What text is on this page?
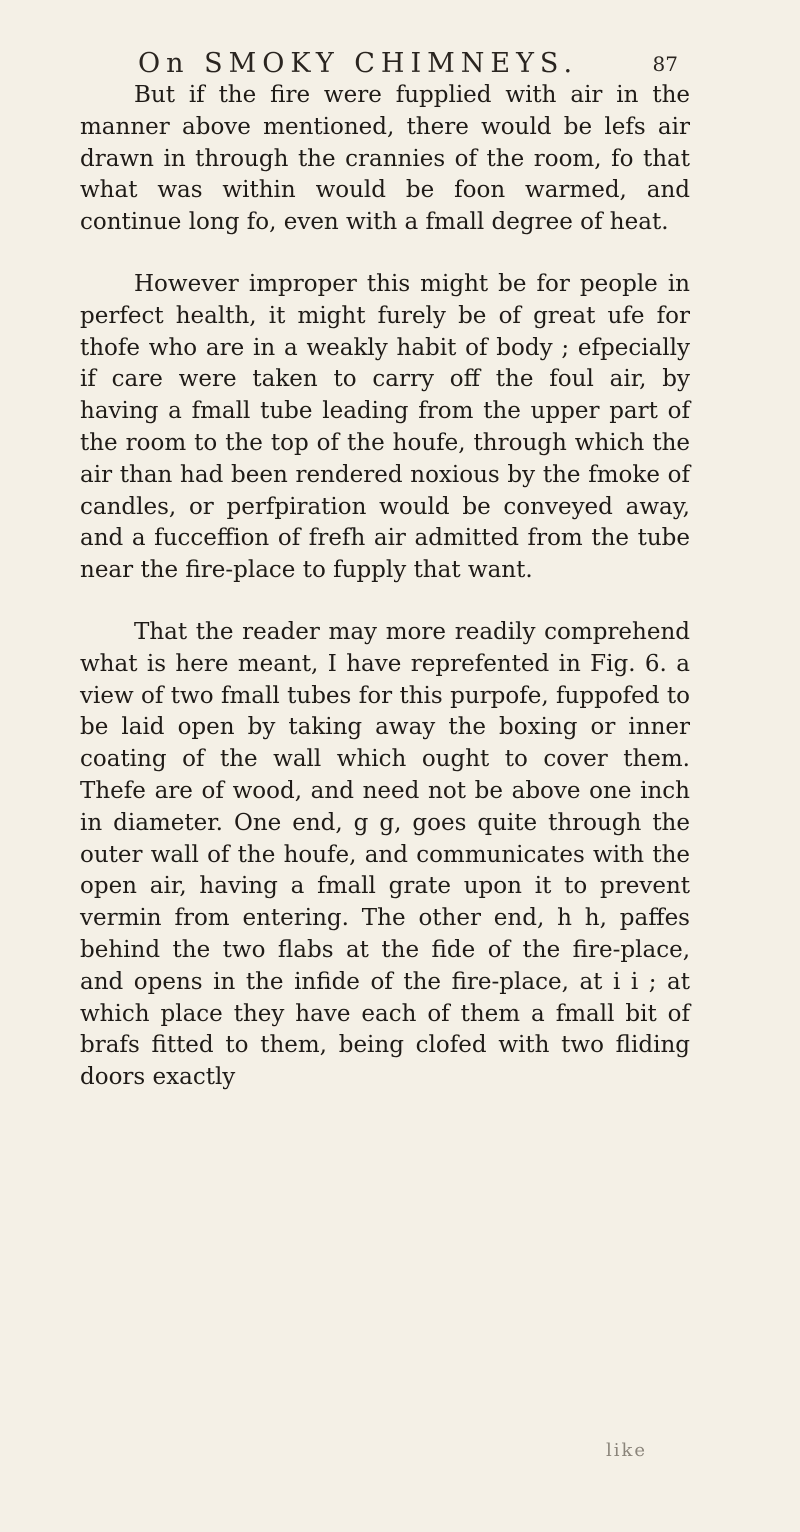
On SMOKY CHIMNEYS.	87

But if the fire were fupplied with air in the manner above mentioned, there would be lefs air drawn in through the crannies of the room, fo that what was within would be foon warmed, and continue long fo, even with a fmall degree of heat.

However improper this might be for people in perfect health, it might furely be of great ufe for thofe who are in a weakly habit of body ; efpecially if care were taken to carry off the foul air, by having a fmall tube leading from the upper part of the room to the top of the houfe, through which the air than had been rendered noxious by the fmoke of candles, or perfpiration would be conveyed away, and a fucceffion of frefh air admitted from the tube near the fire-place to fupply that want.

That the reader may more readily comprehend what is here meant, I have reprefented in Fig. 6. a view of two fmall tubes for this purpofe, fuppofed to be laid open by taking away the boxing or inner coating of the wall which ought to cover them. Thefe are of wood, and need not be above one inch in diameter. One end, g g, goes quite through the outer wall of the houfe, and communicates with the open air, having a fmall grate upon it to prevent vermin from entering. The other end, h h, paffes behind the two flabs at the fide of the fire-place, and opens in the infide of the fire-place, at i i ; at which place they have each of them a fmall bit of brafs fitted to them, being clofed with two fliding doors exactly

like
